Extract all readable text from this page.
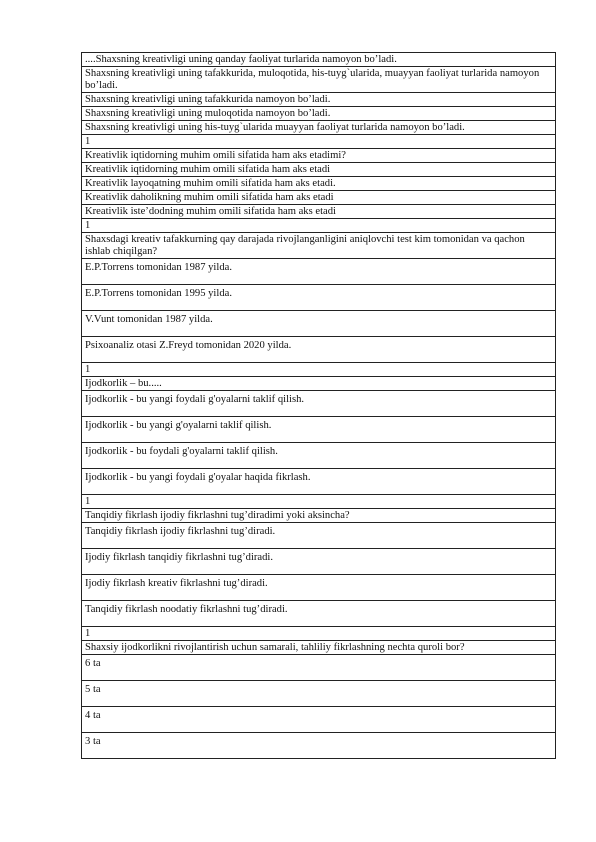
....Shaxsning kreativligi uning qanday faoliyat turlarida namoyon bo’ladi.
Shaxsning kreativligi uning tafakkurida, muloqotida, his-tuyg`ularida, muayyan faoliyat turlarida namoyon bo’ladi.
Shaxsning kreativligi uning tafakkurida namoyon bo’ladi.
Shaxsning kreativligi uning muloqotida namoyon bo’ladi.
Shaxsning kreativligi uning his-tuyg`ularida muayyan faoliyat turlarida namoyon bo’ladi.
1
Kreativlik iqtidorning muhim omili sifatida ham aks etadimi?
Kreativlik iqtidorning muhim omili sifatida ham aks etadi
Kreativlik layoqatning muhim omili sifatida ham aks etadi.
Kreativlik daholikning muhim omili sifatida ham aks etadi
Kreativlik iste’dodning muhim omili sifatida ham aks etadi
1
Shaxsdagi kreativ tafakkurning qay darajada rivojlanganligini aniqlovchi test kim tomonidan va qachon ishlab chiqilgan?
E.P.Torrens tomonidan 1987 yilda.
E.P.Torrens tomonidan 1995 yilda.
V.Vunt tomonidan 1987 yilda.
Psixoanaliz otasi Z.Freyd tomonidan 2020 yilda.
1
Ijodkorlik – bu.....
Ijodkorlik - bu yangi foydali g'oyalarni taklif qilish.
Ijodkorlik - bu yangi g'oyalarni taklif qilish.
Ijodkorlik - bu foydali g'oyalarni taklif qilish.
Ijodkorlik - bu yangi foydali g'oyalar haqida fikrlash.
1
Tanqidiy fikrlash ijodiy fikrlashni tug’diradimi yoki aksincha?
Tanqidiy fikrlash ijodiy fikrlashni tug’diradi.
Ijodiy fikrlash tanqidiy fikrlashni tug’diradi.
Ijodiy fikrlash kreativ fikrlashni tug’diradi.
Tanqidiy fikrlash noodatiy fikrlashni tug’diradi.
1
Shaxsiy ijodkorlikni rivojlantirish uchun samarali, tahliliy fikrlashning nechta quroli bor?
6 ta
5 ta
4 ta
3 ta
